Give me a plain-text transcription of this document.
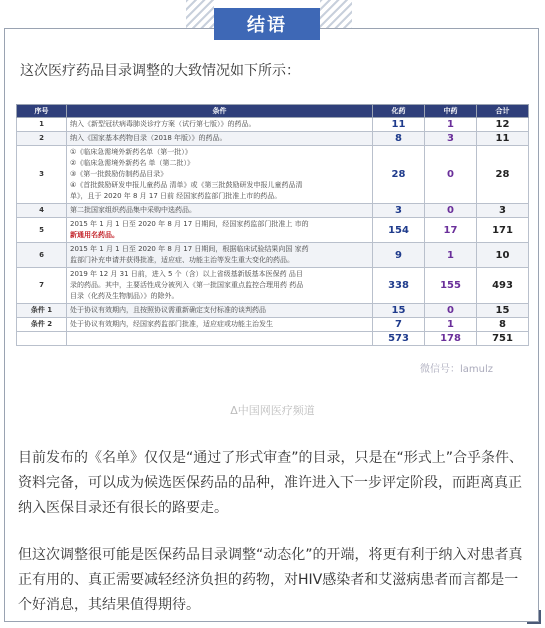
结语
这次医疗药品目录调整的大致情况如下所示：
序号	条件	化药	中药	合计
1	纳入《新型冠状病毒肺炎诊疗方案（试行第七版）》的药品。	11	1	12
2	纳入《国家基本药物目录（2018 年版）》的药品。	8	3	11
3	①《临床急需境外新药名单（第一批）》
②《临床急需境外新药名 单（第二批）》
③《第一批鼓励仿制药品目录》
④《首批鼓励研发申报儿童药品 清单》或《第三批鼓励研发申报儿童药品清
单》，且于 2020 年 8 月 17 日前 经国家药监部门批准上市的药品。	28	0	28
4	第二批国家组织药品集中采购中选药品。	3	0	3
5	2015 年 1 月 1 日至 2020 年 8 月 17 日期间，经国家药监部门批准上 市的
新通用名药品。	154	17	171
6	2015 年 1 月 1 日至 2020 年 8 月 17 日期间，根据临床试验结果向国 家药
监部门补充申请并获得批准，适应症、功能主治等发生重大变化的药品。	9	1	10
7	2019 年 12 月 31 日前，进入 5 个（含）以上省级基新版基本医保药 品目
录的药品。其中，主要活性成分被列入《第一批国家重点监控合理用药 药品
目录（化药及生物制品）》的除外。	338	155	493
条件 1	处于协议有效期内，且按照协议需重新确定支付标准的谈判药品	15	0	15
条件 2	处于协议有效期内，经国家药监部门批准，适应症或功能主治发生	7	1	8
		573	178	751
微信号：lamulz
Δ中国网医疗频道
目前发布的《名单》仅仅是“通过了形式审查”的目录，只是在“形式上”合乎条件、资料完备，可以成为候选医保药品的品种，准许进入下一步评定阶段，而距离真正纳入医保目录还有很长的路要走。
但这次调整很可能是医保药品目录调整“动态化”的开端，将更有利于纳入对患者真正有用的、真正需要减轻经济负担的药物，对HIV感染者和艾滋病患者而言都是一个好消息，其结果值得期待。
